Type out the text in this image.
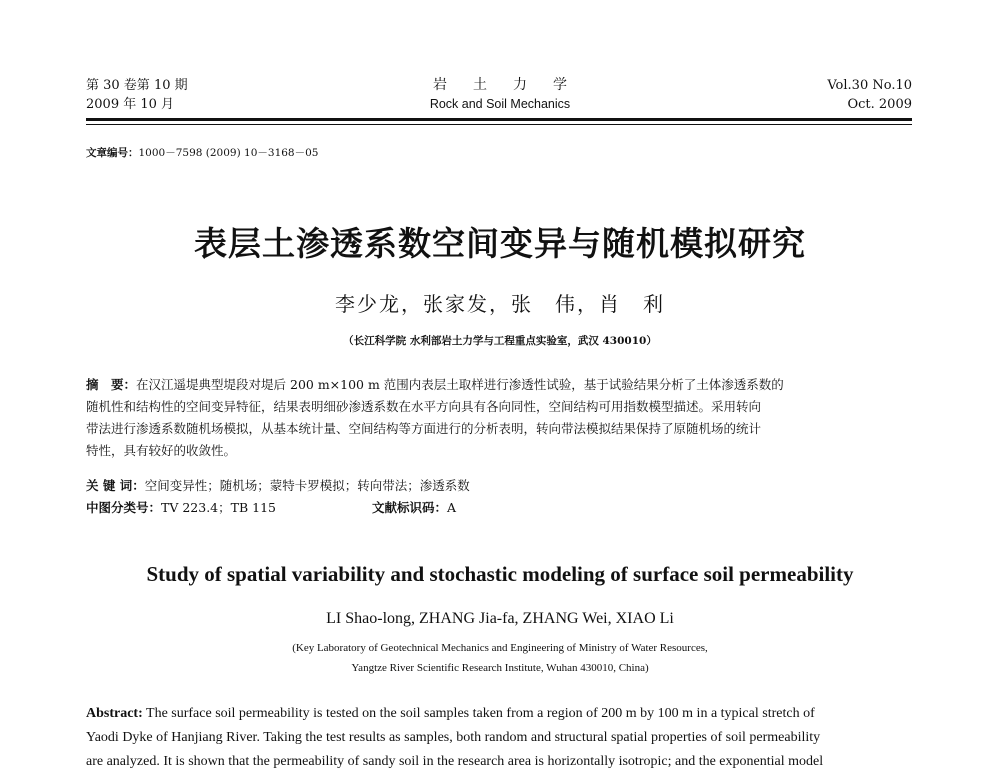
第 30 卷第 10 期
2009 年 10 月
岩土力学
Rock and Soil Mechanics
Vol.30 No.10
Oct. 2009
文章编号：1000－7598 (2009) 10－3168－05
表层土渗透系数空间变异与随机模拟研究
李少龙，张家发，张　伟，肖　利
（长江科学院 水利部岩土力学与工程重点实验室，武汉 430010）
摘　要：在汉江遥堤典型堤段对堤后 200 m×100 m 范围内表层土取样进行渗透性试验，基于试验结果分析了土体渗透系数的
随机性和结构性的空间变异特征，结果表明细砂渗透系数在水平方向具有各向同性，空间结构可用指数模型描述。采用转向
带法进行渗透系数随机场模拟，从基本统计量、空间结构等方面进行的分析表明，转向带法模拟结果保持了原随机场的统计
特性，具有较好的收敛性。
关 键 词：空间变异性；随机场；蒙特卡罗模拟；转向带法；渗透系数
中图分类号：TV 223.4；TB 115	文献标识码：A
Study of spatial variability and stochastic modeling of surface soil permeability
LI Shao-long, ZHANG Jia-fa, ZHANG Wei, XIAO Li
(Key Laboratory of Geotechnical Mechanics and Engineering of Ministry of Water Resources,
Yangtze River Scientific Research Institute, Wuhan 430010, China)
Abstract: The surface soil permeability is tested on the soil samples taken from a region of 200 m by 100 m in a typical stretch of
Yaodi Dyke of Hanjiang River. Taking the test results as samples, both random and structural spatial properties of soil permeability
are analyzed. It is shown that the permeability of sandy soil in the research area is horizontally isotropic; and the exponential model
